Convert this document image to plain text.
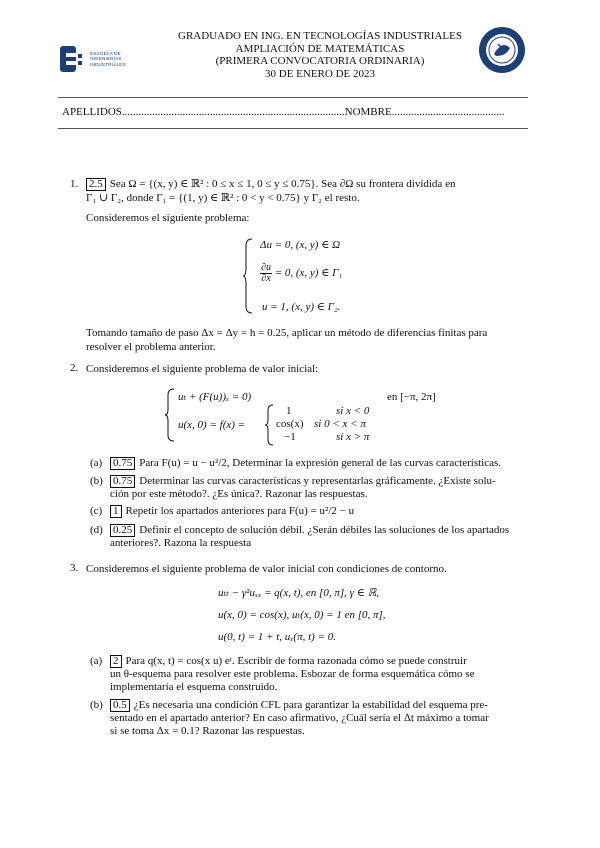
ESCUELA DE
INGENIERÍAS
INDUSTRIALES
GRADUADO EN ING. EN TECNOLOGÍAS INDUSTRIALES
AMPLIACIÓN DE MATEMÁTICAS
(PRIMERA CONVOCATORIA ORDINARIA)
30 DE ENERO DE 2023
APELLIDOS.................................................................................NOMBRE.........................................
1. 2.5 Sea Ω = {(x, y) ∈ ℝ² : 0 ≤ x ≤ 1, 0 ≤ y ≤ 0.75}. Sea ∂Ω su frontera dividida en
Γ₁ ∪ Γ₂, donde Γ₁ = {(1, y) ∈ ℝ² : 0 < y < 0.75} y Γ₂ el resto.
Consideremos el siguiente problema:
Δu = 0, (x, y) ∈ Ω
$\frac{\partial u}{\partial x} = 0$, (x, y) ∈ Γ₁
u = 1, (x, y) ∈ Γ₂.
Tomando tamaño de paso Δx = Δy = h = 0.25, aplicar un método de diferencias finitas para
resolver el problema anterior.
2. Consideremos el siguiente problema de valor inicial:
uₜ + (F(u))ₓ = 0)	en [−π, 2π]
u(x, 0) = f(x) =
1	si x < 0
cos(x) si 0 < x < π
−1	si x > π
(a) 0.75 Para F(u) = u − u²/2, Determinar la expresión general de las curvas características.
(b) 0.75 Determinar las curvas características y representarlas gráficamente. ¿Existe solu-
ción por este método?. ¿Es única?. Razonar las respuestas.
(c) 1 Repetir los apartados anteriores para F(u) = u²/2 − u
(d) 0.25 Definir el concepto de solución débil. ¿Serán débiles las soluciones de los apartados
anteriores?. Razona la respuesta
3. Consideremos el siguiente problema de valor inicial con condiciones de contorno.
uₜₜ − γ²uₓₓ = q(x, t), en [0, π], γ ∈ ℝ,
u(x, 0) = cos(x), uₜ(x, 0) = 1 en [0, π],
u(0, t) = 1 + t, uₓ(π, t) = 0.
(a) 2 Para q(x, t) = cos(x u) eᵗ. Escribir de forma razonada cómo se puede construir
un θ-esquema para resolver este problema. Esbozar de forma esquemática cómo se
implementaría el esquema construido.
(b) 0.5 ¿Es necesaria una condición CFL para garantizar la estabilidad del esquema pre-
sentado en el apartado anterior? En caso afirmativo, ¿Cuál sería el Δt máximo a tomar
si se toma Δx = 0.1? Razonar las respuestas.
